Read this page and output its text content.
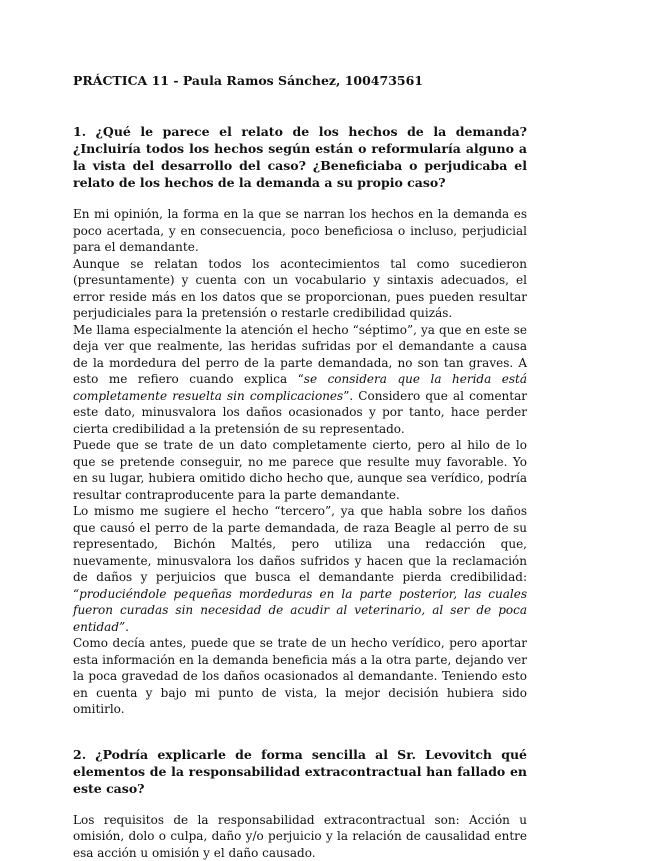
PRÁCTICA 11 - Paula Ramos Sánchez, 100473561

1. ¿Qué le parece el relato de los hechos de la demanda? ¿Incluiría todos los hechos según están o reformularía alguno a la vista del desarrollo del caso? ¿Beneficiaba o perjudicaba el relato de los hechos de la demanda a su propio caso?

En mi opinión, la forma en la que se narran los hechos en la demanda es poco acertada, y en consecuencia, poco beneficiosa o incluso, perjudicial para el demandante.

Aunque se relatan todos los acontecimientos tal como sucedieron (presuntamente) y cuenta con un vocabulario y sintaxis adecuados, el error reside más en los datos que se proporcionan, pues pueden resultar perjudiciales para la pretensión o restarle credibilidad quizás.

Me llama especialmente la atención el hecho “séptimo”, ya que en este se deja ver que realmente, las heridas sufridas por el demandante a causa de la mordedura del perro de la parte demandada, no son tan graves. A esto me refiero cuando explica “se considera que la herida está completamente resuelta sin complicaciones”. Considero que al comentar este dato, minusvalora los daños ocasionados y por tanto, hace perder cierta credibilidad a la pretensión de su representado.

Puede que se trate de un dato completamente cierto, pero al hilo de lo que se pretende conseguir, no me parece que resulte muy favorable. Yo en su lugar, hubiera omitido dicho hecho que, aunque sea verídico, podría resultar contraproducente para la parte demandante.

Lo mismo me sugiere el hecho “tercero”, ya que habla sobre los daños que causó el perro de la parte demandada, de raza Beagle al perro de su representado, Bichón Maltés, pero utiliza una redacción que, nuevamente, minusvalora los daños sufridos y hacen que la reclamación de daños y perjuicios que busca el demandante pierda credibilidad: “produciéndole pequeñas mordeduras en la parte posterior, las cuales fueron curadas sin necesidad de acudir al veterinario, al ser de poca entidad”.

Como decía antes, puede que se trate de un hecho verídico, pero aportar esta información en la demanda beneficia más a la otra parte, dejando ver la poca gravedad de los daños ocasionados al demandante. Teniendo esto en cuenta y bajo mi punto de vista, la mejor decisión hubiera sido omitirlo.

2. ¿Podría explicarle de forma sencilla al Sr. Levovitch qué elementos de la responsabilidad extracontractual han fallado en este caso?

Los requisitos de la responsabilidad extracontractual son: Acción u omisión, dolo o culpa, daño y/o perjuicio y la relación de causalidad entre esa acción u omisión y el daño causado.
